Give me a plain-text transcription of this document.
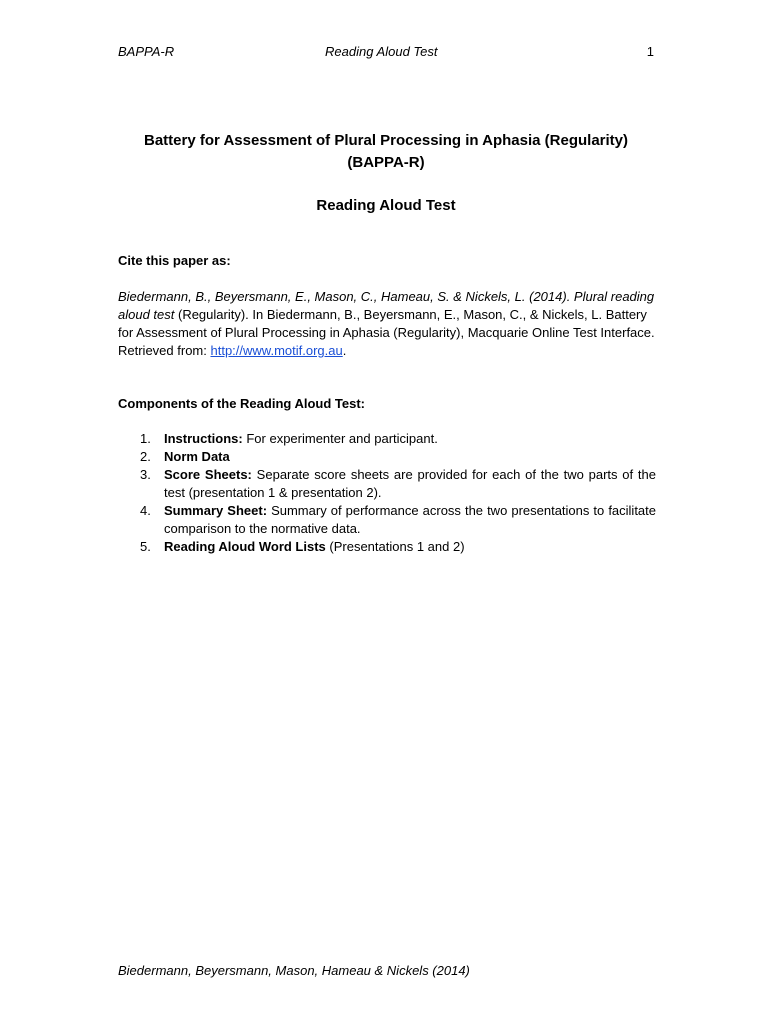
BAPPA-R	Reading Aloud Test	1
Battery for Assessment of Plural Processing in Aphasia (Regularity)
(BAPPA-R)
Reading Aloud Test
Cite this paper as:
Biedermann, B., Beyersmann, E., Mason, C., Hameau, S. & Nickels, L. (2014). Plural reading aloud test (Regularity). In Biedermann, B., Beyersmann, E., Mason, C., & Nickels, L. Battery for Assessment of Plural Processing in Aphasia (Regularity), Macquarie Online Test Interface. Retrieved from: http://www.motif.org.au.
Components of the Reading Aloud Test:
1. Instructions: For experimenter and participant.
2. Norm Data
3. Score Sheets: Separate score sheets are provided for each of the two parts of the test (presentation 1 & presentation 2).
4. Summary Sheet: Summary of performance across the two presentations to facilitate comparison to the normative data.
5. Reading Aloud Word Lists (Presentations 1 and 2)
Biedermann, Beyersmann, Mason, Hameau & Nickels (2014)
